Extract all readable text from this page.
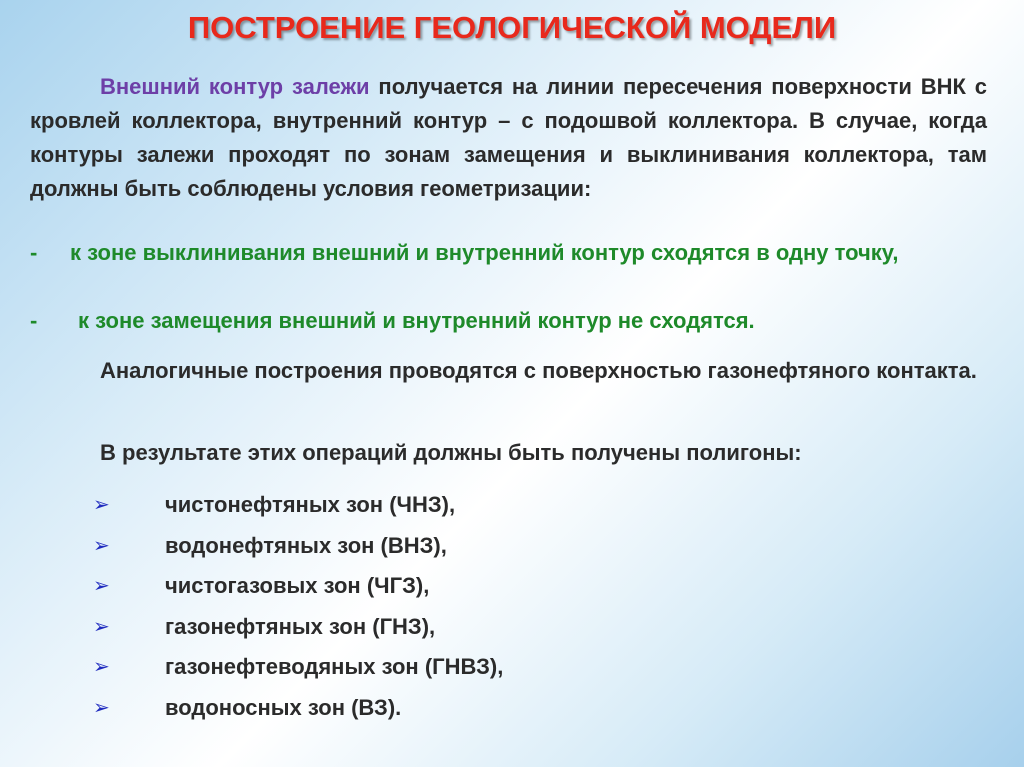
ПОСТРОЕНИЕ ГЕОЛОГИЧЕСКОЙ МОДЕЛИ

Внешний контур залежи получается на линии пересечения поверхности ВНК с кровлей коллектора, внутренний контур – с подошвой коллектора. В случае, когда контуры залежи проходят по зонам замещения и выклинивания коллектора, там должны быть соблюдены условия геометризации:

- к зоне выклинивания внешний и внутренний контур сходятся в одну точку,

- к зоне замещения внешний и внутренний контур не сходятся.

Аналогичные построения проводятся с поверхностью газонефтяного контакта.

В результате этих операций должны быть получены полигоны:

➢	чистонефтяных зон (ЧНЗ),
➢	водонефтяных зон (ВНЗ),
➢	чистогазовых зон (ЧГЗ),
➢	газонефтяных зон (ГНЗ),
➢	газонефтеводяных зон (ГНВЗ),
➢	водоносных зон (ВЗ).
